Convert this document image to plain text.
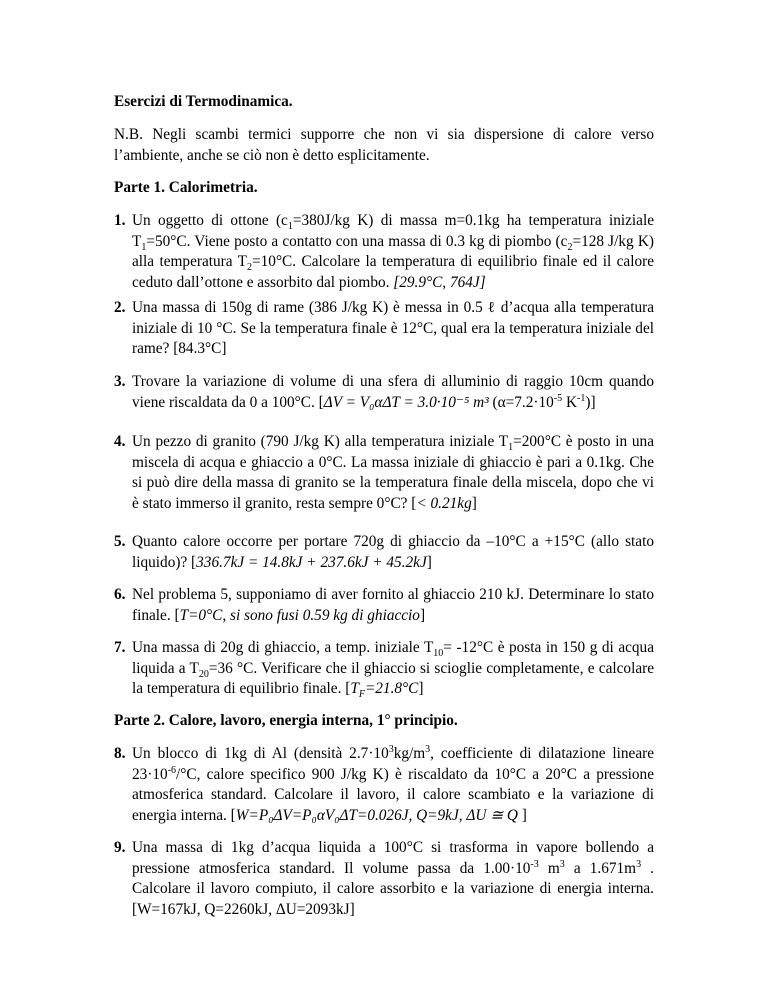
Esercizi di Termodinamica.
N.B. Negli scambi termici supporre che non vi sia dispersione di calore verso l’ambiente, anche se ciò non è detto esplicitamente.
Parte 1. Calorimetria.
1. Un oggetto di ottone ($c_1=380J/kg$ K) di massa m=0.1kg ha temperatura iniziale $T_1=50^\circ C$. Viene posto a contatto con una massa di 0.3 kg di piombo ($c_2=128$ J/kg K) alla temperatura $T_2=10^\circ C$. Calcolare la temperatura di equilibrio finale ed il calore ceduto dall’ottone e assorbito dal piombo. [29.9°C, 764J]
2. Una massa di 150g di rame (386 J/kg K) è messa in 0.5 ℓ d’acqua alla temperatura iniziale di 10 °C. Se la temperatura finale è 12°C, qual era la temperatura iniziale del rame? [84.3°C]
3. Trovare la variazione di volume di una sfera di alluminio di raggio 10cm quando viene riscaldata da 0 a 100°C. [ΔV = V₀αΔT = 3.0·10⁻⁵ m³ ($\alpha=7.2\cdot 10^{-5}$ $K^{-1}$)]
4. Un pezzo di granito (790 J/kg K) alla temperatura iniziale $T_1=200^\circ C$ è posto in una miscela di acqua e ghiaccio a 0°C. La massa iniziale di ghiaccio è pari a 0.1kg. Che si può dire della massa di granito se la temperatura finale della miscela, dopo che vi è stato immerso il granito, resta sempre 0°C? [< 0.21kg]
5. Quanto calore occorre per portare 720g di ghiaccio da –10°C a +15°C (allo stato liquido)? [336.7kJ = 14.8kJ + 237.6kJ + 45.2kJ]
6. Nel problema 5, supponiamo di aver fornito al ghiaccio 210 kJ. Determinare lo stato finale. [T=0°C, si sono fusi 0.59 kg di ghiaccio]
7. Una massa di 20g di ghiaccio, a temp. iniziale $T_{10}= -12^\circ C$ è posta in 150 g di acqua liquida a $T_{20}=36$ °C. Verificare che il ghiaccio si scioglie completamente, e calcolare la temperatura di equilibrio finale. $[T_F=21.8^\circ C]$
Parte 2. Calore, lavoro, energia interna, 1° principio.
8. Un blocco di 1kg di Al (densità $2.7\cdot 10^3kg/m^3$, coefficiente di dilatazione lineare $23\cdot 10^{-6}/^\circ C$, calore specifico 900 J/kg K) è riscaldato da 10°C a 20°C a pressione atmosferica standard. Calcolare il lavoro, il calore scambiato e la variazione di energia interna. [W=P₀ΔV=P₀αV₀ΔT=0.026J, Q=9kJ, ΔU ≅ Q ]
9. Una massa di 1kg d’acqua liquida a 100°C si trasforma in vapore bollendo a pressione atmosferica standard. Il volume passa da $1.00\cdot 10^{-3}$ $m^3$ a $1.671m^3$ . Calcolare il lavoro compiuto, il calore assorbito e la variazione di energia interna. [W=167kJ, Q=2260kJ, ΔU=2093kJ]
